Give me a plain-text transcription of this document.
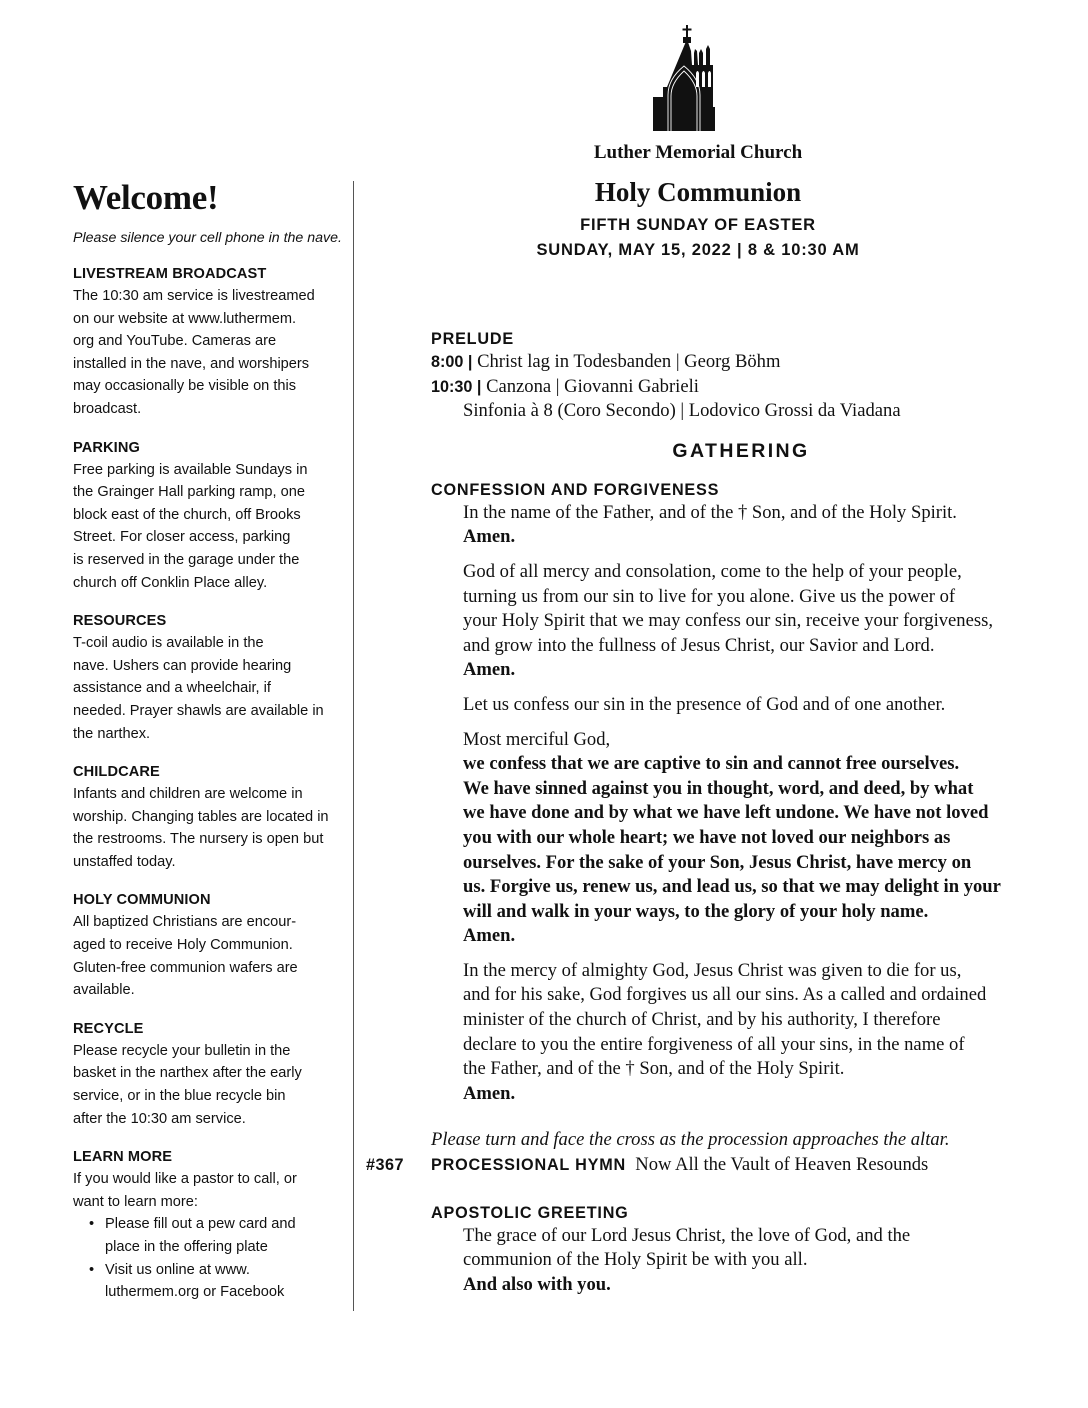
Welcome!

Please silence your cell phone in the nave.

LIVESTREAM BROADCAST

The 10:30 am service is livestreamed
on our website at www.luthermem.
org and YouTube. Cameras are
installed in the nave, and worshipers
may occasionally be visible on this
broadcast.

PARKING

Free parking is available Sundays in
the Grainger Hall parking ramp, one
block east of the church, off Brooks
Street. For closer access, parking
is reserved in the garage under the
church off Conklin Place alley.

RESOURCES

T-coil audio is available in the
nave. Ushers can provide hearing
assistance and a wheelchair, if
needed. Prayer shawls are available in
the narthex.

CHILDCARE

Infants and children are welcome in
worship. Changing tables are located in
the restrooms. The nursery is open but
unstaffed today.

HOLY COMMUNION

All baptized Christians are encour-
aged to receive Holy Communion.
Gluten-free communion wafers are
available.

RECYCLE

Please recycle your bulletin in the
basket in the narthex after the early
service, or in the blue recycle bin
after the 10:30 am service.

LEARN MORE

If you would like a pastor to call, or
want to learn more:

• Please fill out a pew card and
place in the offering plate
• Visit us online at www.
luthermem.org or Facebook
Luther Memorial Church
Holy Communion
FIFTH SUNDAY OF EASTER
SUNDAY, MAY 15, 2022 | 8 & 10:30 AM

PRELUDE

8:00 | Christ lag in Todesbanden | Georg Böhm

10:30 | Canzona | Giovanni Gabrieli

Sinfonia à 8 (Coro Secondo) | Lodovico Grossi da Viadana

GATHERING

CONFESSION AND FORGIVENESS

In the name of the Father, and of the † Son, and of the Holy Spirit.

Amen.

God of all mercy and consolation, come to the help of your people,

turning us from our sin to live for you alone. Give us the power of

your Holy Spirit that we may confess our sin, receive your forgiveness,

and grow into the fullness of Jesus Christ, our Savior and Lord.

Amen.

Let us confess our sin in the presence of God and of one another.

Most merciful God,

we confess that we are captive to sin and cannot free ourselves.

We have sinned against you in thought, word, and deed, by what

we have done and by what we have left undone. We have not loved

you with our whole heart; we have not loved our neighbors as

ourselves. For the sake of your Son, Jesus Christ, have mercy on

us. Forgive us, renew us, and lead us, so that we may delight in your

will and walk in your ways, to the glory of your holy name.

Amen.

In the mercy of almighty God, Jesus Christ was given to die for us,

and for his sake, God forgives us all our sins. As a called and ordained

minister of the church of Christ, and by his authority, I therefore

declare to you the entire forgiveness of all your sins, in the name of

the Father, and of the † Son, and of the Holy Spirit.

Amen.

Please turn and face the cross as the procession approaches the altar.

#367 PROCESSIONAL HYMN Now All the Vault of Heaven Resounds

APOSTOLIC GREETING

The grace of our Lord Jesus Christ, the love of God, and the

communion of the Holy Spirit be with you all.

And also with you.
